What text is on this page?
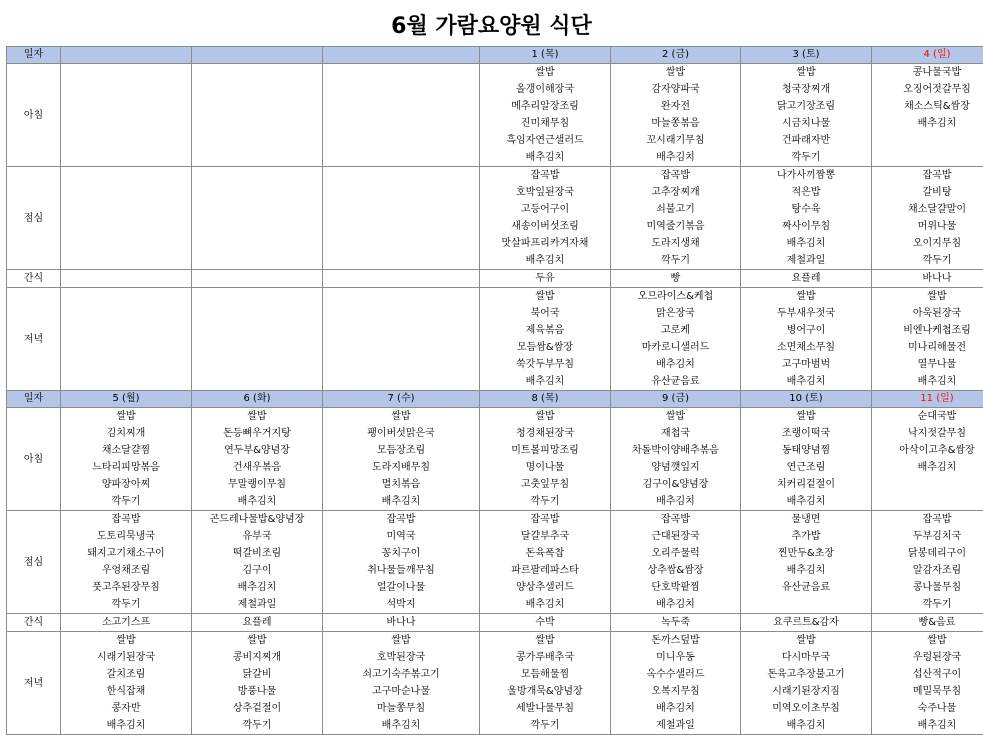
6월 가람요양원 식단
일자				1 (목)	2 (금)	3 (토)	4 (일)
아침				쌀밥	쌀밥	쌀밥	콩나물국밥
				올갱이해장국	감자양파국	청국장찌개	오징어젓갈무침
				메추리알장조림	완자전	닭고기장조림	채소스틱&쌈장
				진미채무침	마늘쫑볶음	시금치나물	배추김치
				흑임자연근샐러드	꼬시래기무침	건파래자반	
				배추김치	배추김치	깍두기	
점심				잡곡밥	잡곡밥	나가사끼짬뽕	잡곡밥
				호박잎된장국	고추장찌개	적은밥	갈비탕
				고등어구이	쇠불고기	탕수육	채소달걀말이
				새송이버섯조림	미역줄기볶음	짜사이무침	머위나물
				맛살파프리카겨자채	도라지생채	배추김치	오이지무침
				배추김치	깍두기	제철과일	깍두기
간식				두유	빵	요플레	바나나
저녁				쌀밥	오므라이스&케첩	쌀밥	쌀밥
				북어국	맑은장국	두부새우젓국	아욱된장국
				제육볶음	고로케	병어구이	비엔나케첩조림
				모듬쌈&쌈장	마카로니샐러드	소면채소무침	미나리해물전
				쑥갓두부무침	배추김치	고구마범벅	열무나물
				배추김치	유산균음료	배추김치	배추김치
일자	5 (월)	6 (화)	7 (수)	8 (목)	9 (금)	10 (토)	11 (일)
아침	쌀밥	쌀밥	쌀밥	쌀밥	쌀밥	쌀밥	순대국밥
	김치찌개	돈등뼈우거지탕	팽이버섯맑은국	청경채된장국	재첩국	조랭이떡국	낙지젓갈무침
	채소달걀찜	연두부&양념장	모듬장조림	미트볼피망조림	차돌박이양배추볶음	동태양념찜	아삭이고추&쌈장
	느타리피망볶음	건새우볶음	도라지배무침	명이나물	양념깻잎지	연근조림	배추김치
	양파장아찌	무말랭이무침	멸치볶음	고춧잎무침	김구이&양념장	치커리겉절이	
	깍두기	배추김치	배추김치	깍두기	배추김치	배추김치	
점심	잡곡밥	곤드레나물밥&양념장	잡곡밥	잡곡밥	잡곡밥	물냉면	잡곡밥
	도토리묵냉국	유부국	미역국	달걀부추국	근대된장국	추가밥	두부김치국
	돼지고기채소구이	떡갈비조림	꽁치구이	돈육폭찹	오리주물럭	찐만두&초장	닭봉데리구이
	우엉채조림	김구이	취나물들깨무침	파르팔레파스타	상추쌈&쌈장	배추김치	알감자조림
	풋고추된장무침	배추김치	얼갈이나물	양상추샐러드	단호박팥찜	유산균음료	콩나물무침
	깍두기	제철과일	석박지	배추김치	배추김치		깍두기
간식	소고기스프	요플레	바나나	수박	녹두죽	요쿠르트&감자	빵&음료
저녁	쌀밥	쌀밥	쌀밥	쌀밥	돈까스덮밥	쌀밥	쌀밥
	시래기된장국	콩비지찌개	호박된장국	콩가루배추국	미니우동	다시마무국	우렁된장국
	갈치조림	닭갈비	쇠고기숙주볶고기	모듬해물찜	옥수수샐러드	돈육고추장불고기	섭산적구이
	한식잡채	방풍나물	고구마순나물	울방개묵&양념장	오복지무침	시래기된장지짐	메밀묵무침
	콩자반	상추겉절이	마늘쫑무침	세발나물무침	배추김치	미역오이초무침	숙주나물
	배추김치	깍두기	배추김치	깍두기	제철과일	배추김치	배추김치
